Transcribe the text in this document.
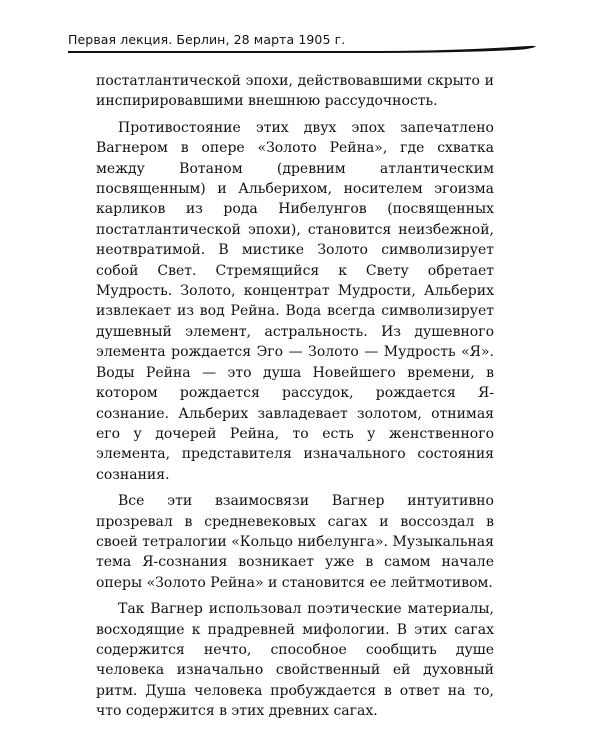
Первая лекция. Берлин, 28 марта 1905 г.

постатлантической эпохи, действовавшими скрыто и инспирировавшими внешнюю рассудочность.

Противостояние этих двух эпох запечатлено Вагнером в опере «Золото Рейна», где схватка между Вотаном (древним атлантическим посвященным) и Альберихом, носителем эгоизма карликов из рода Нибелунгов (посвященных постатлантической эпохи), становится неизбежной, неотвратимой. В мистике Золото символизирует собой Свет. Стремящийся к Свету обретает Мудрость. Золото, концентрат Мудрости, Альберих извлекает из вод Рейна. Вода всегда символизирует душевный элемент, астральность. Из душевного элемента рождается Эго — Золото — Мудрость «Я». Воды Рейна — это душа Новейшего времени, в котором рождается рассудок, рождается Я-сознание. Альберих завладевает золотом, отнимая его у дочерей Рейна, то есть у женственного элемента, представителя изначального состояния сознания.

Все эти взаимосвязи Вагнер интуитивно прозревал в средневековых сагах и воссоздал в своей тетралогии «Кольцо нибелунга». Музыкальная тема Я-сознания возникает уже в самом начале оперы «Золото Рейна» и становится ее лейтмотивом.

Так Вагнер использовал поэтические материалы, восходящие к прадревней мифологии. В этих сагах содержится нечто, способное сообщить душе человека изначально свойственный ей духовный ритм. Душа человека пробуждается в ответ на то, что содержится в этих древних сагах.
